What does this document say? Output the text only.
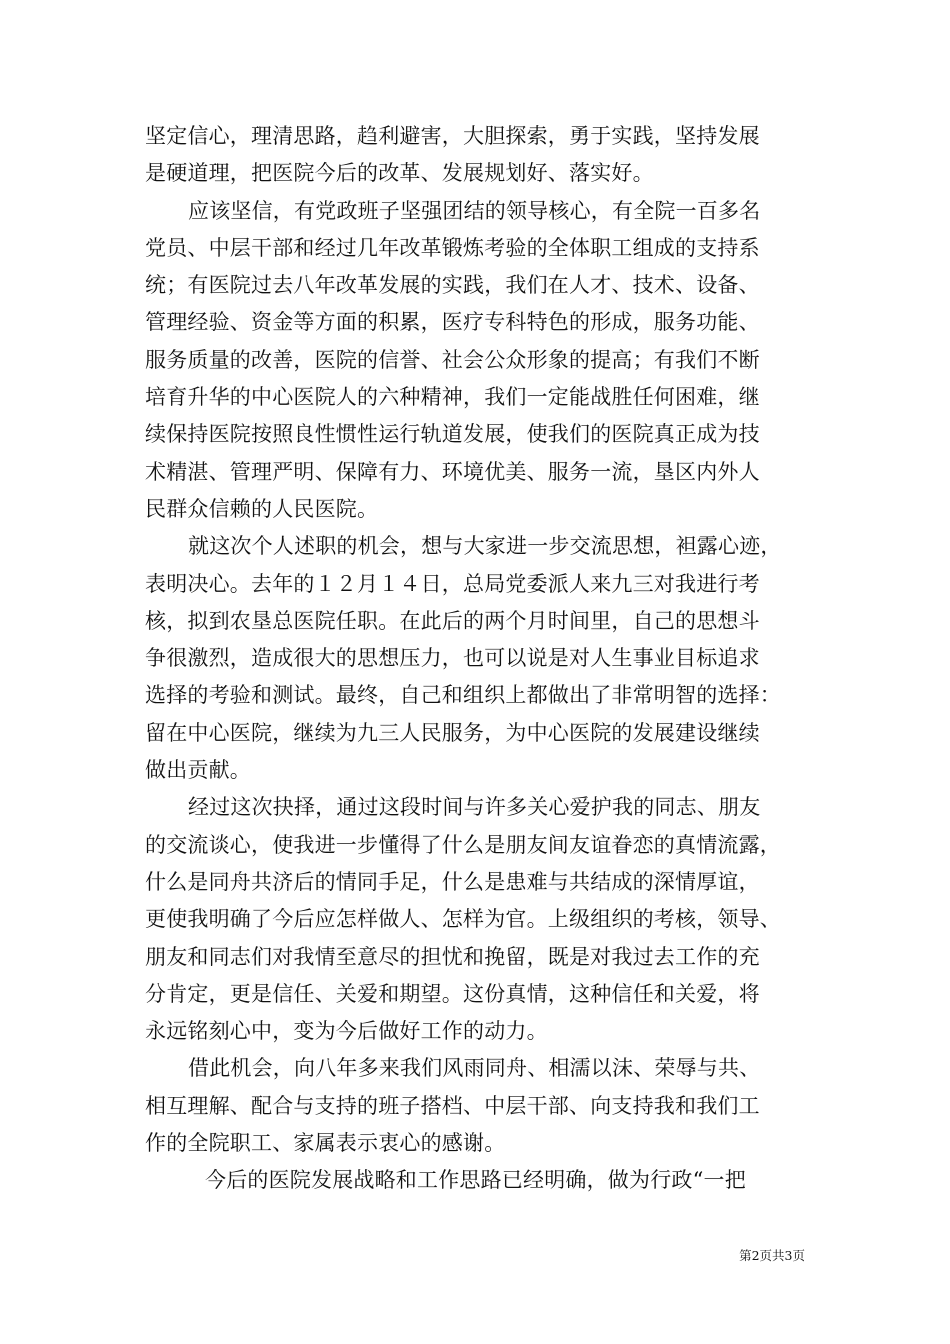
坚定信心，理清思路，趋利避害，大胆探索，勇于实践，坚持发展
是硬道理，把医院今后的改革、发展规划好、落实好。
应该坚信，有党政班子坚强团结的领导核心，有全院一百多名
党员、中层干部和经过几年改革锻炼考验的全体职工组成的支持系
统；有医院过去八年改革发展的实践，我们在人才、技术、设备、
管理经验、资金等方面的积累，医疗专科特色的形成，服务功能、
服务质量的改善，医院的信誉、社会公众形象的提高；有我们不断
培育升华的中心医院人的六种精神，我们一定能战胜任何困难，继
续保持医院按照良性惯性运行轨道发展，使我们的医院真正成为技
术精湛、管理严明、保障有力、环境优美、服务一流，垦区内外人
民群众信赖的人民医院。
就这次个人述职的机会，想与大家进一步交流思想，袒露心迹，
表明决心。去年的１２月１４日，总局党委派人来九三对我进行考
核，拟到农垦总医院任职。在此后的两个月时间里，自己的思想斗
争很激烈，造成很大的思想压力，也可以说是对人生事业目标追求
选择的考验和测试。最终，自己和组织上都做出了非常明智的选择：
留在中心医院，继续为九三人民服务，为中心医院的发展建设继续
做出贡献。
经过这次抉择，通过这段时间与许多关心爱护我的同志、朋友
的交流谈心，使我进一步懂得了什么是朋友间友谊眷恋的真情流露，
什么是同舟共济后的情同手足，什么是患难与共结成的深情厚谊，
更使我明确了今后应怎样做人、怎样为官。上级组织的考核，领导、
朋友和同志们对我情至意尽的担忧和挽留，既是对我过去工作的充
分肯定，更是信任、关爱和期望。这份真情，这种信任和关爱，将
永远铭刻心中，变为今后做好工作的动力。
借此机会，向八年多来我们风雨同舟、相濡以沫、荣辱与共、
相互理解、配合与支持的班子搭档、中层干部、向支持我和我们工
作的全院职工、家属表示衷心的感谢。
今后的医院发展战略和工作思路已经明确，做为行政“一把
第2页共3页
